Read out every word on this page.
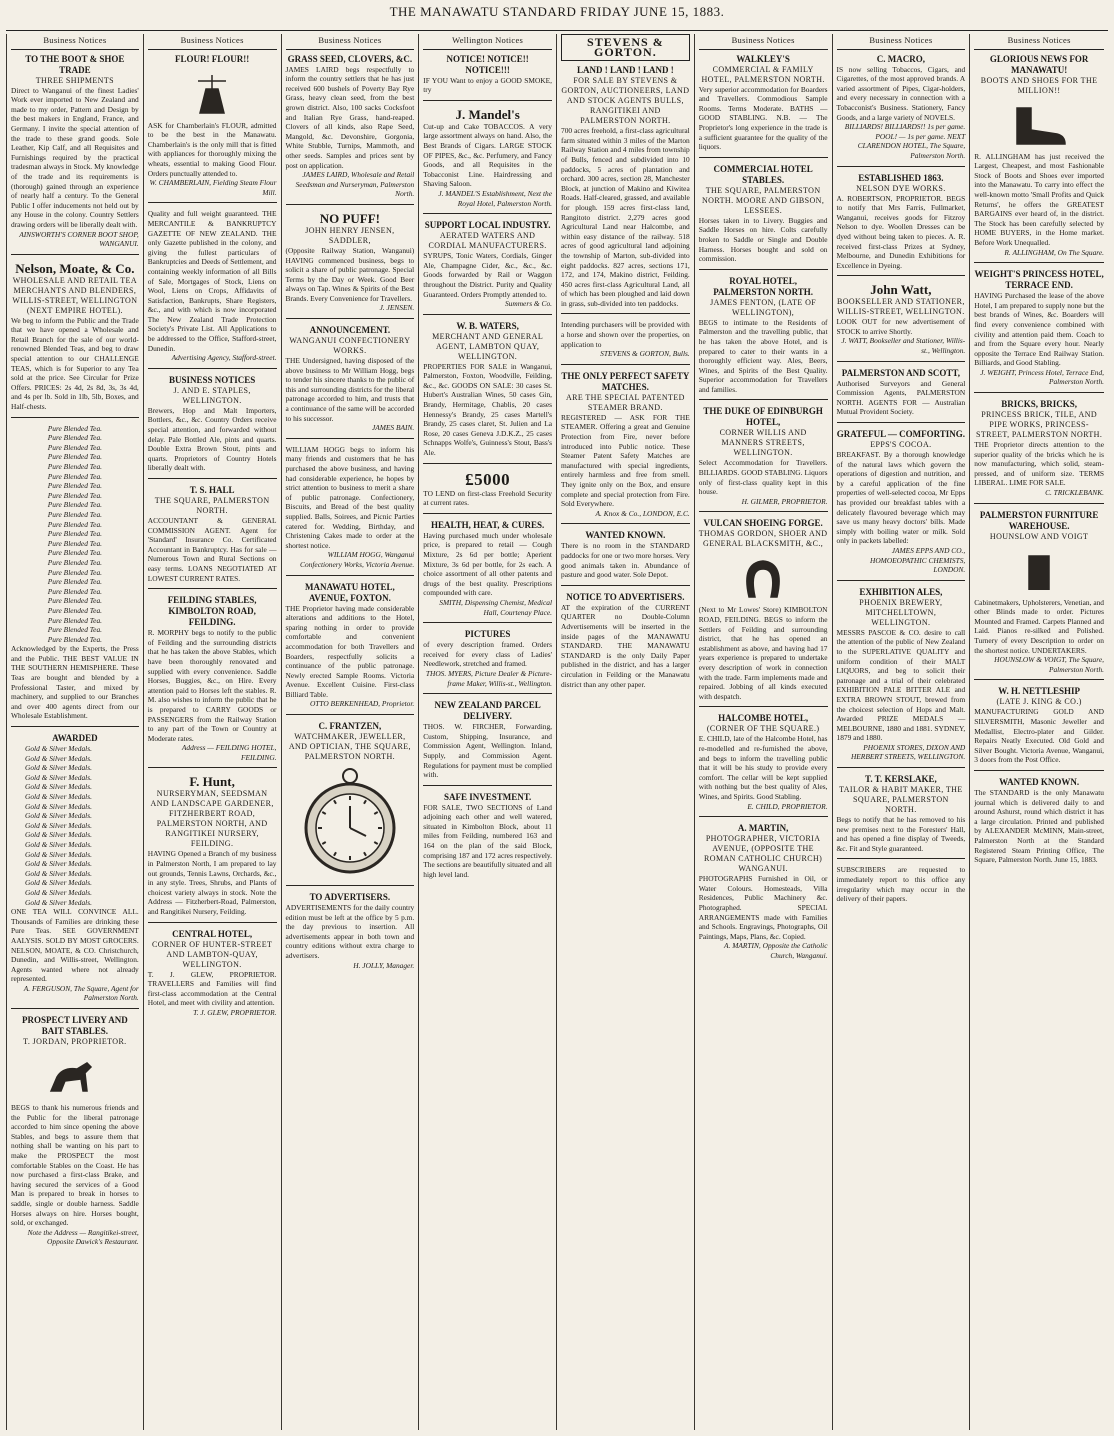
THE MANAWATU STANDARD FRIDAY JUNE 15, 1883.
Business Notices
TO THE BOOT & SHOE TRADE
THREE SHIPMENTS
Direct to Wanganui of the finest Ladies' Work ever imported to New Zealand and made to my order, Pattern and Design by the best makers in England, France, and Germany. I invite the special attention of the trade to these grand goods. Sole Leather, Kip Calf, and all Requisites and Furnishings required by the practical tradesman always in Stock. My knowledge of the trade and its requirements is (thorough) gained through an experience of nearly half a century. To the General Public I offer inducements not held out by any House in the colony. Country Settlers drawing orders will be liberally dealt with.
AINSWORTH'S CORNER BOOT SHOP, WANGANUI.
Nelson, Moate, & Co.
WHOLESALE AND RETAIL TEA MERCHANTS AND BLENDERS, WILLIS-STREET, WELLINGTON (NEXT EMPIRE HOTEL).
We beg to inform the Public and the Trade that we have opened a Wholesale and Retail Branch for the sale of our world-renowned Blended Teas, and beg to draw special attention to our CHALLENGE TEAS, which is for Superior to any Tea sold at the price. See Circular for Prize Offers. PRICES: 2s 4d, 2s 8d, 3s, 3s 4d, and 4s per lb. Sold in 1lb, 5lb, Boxes, and Half-chests.
Pure Blended Tea.
Pure Blended Tea.
Pure Blended Tea.
Pure Blended Tea.
Pure Blended Tea.
Pure Blended Tea.
Pure Blended Tea.
Pure Blended Tea.
Pure Blended Tea.
Pure Blended Tea.
Pure Blended Tea.
Pure Blended Tea.
Pure Blended Tea.
Pure Blended Tea.
Pure Blended Tea.
Pure Blended Tea.
Pure Blended Tea.
Pure Blended Tea.
Pure Blended Tea.
Pure Blended Tea.
Pure Blended Tea.
Pure Blended Tea.
Pure Blended Tea.
Acknowledged by the Experts, the Press and the Public. THE BEST VALUE IN THE SOUTHERN HEMISPHERE. These Teas are bought and blended by a Professional Taster, and mixed by machinery, and supplied to our Branches and over 400 agents direct from our Wholesale Establishment.
AWARDED
Gold & Silver Medals.
Gold & Silver Medals.
Gold & Silver Medals.
Gold & Silver Medals.
Gold & Silver Medals.
Gold & Silver Medals.
Gold & Silver Medals.
Gold & Silver Medals.
Gold & Silver Medals.
Gold & Silver Medals.
Gold & Silver Medals.
Gold & Silver Medals.
Gold & Silver Medals.
Gold & Silver Medals.
Gold & Silver Medals.
Gold & Silver Medals.
Gold & Silver Medals.
ONE TEA WILL CONVINCE ALL. Thousands of Families are drinking these Pure Teas. SEE GOVERNMENT AALYSIS. SOLD BY MOST GROCERS. NELSON, MOATE, & CO. Christchurch, Dunedin, and Willis-street, Wellington. Agents wanted where not already represented.
A. FERGUSON, The Square, Agent for Palmerston North.
PROSPECT LIVERY AND BAIT STABLES.
T. JORDAN, PROPRIETOR.
BEGS to thank his numerous friends and the Public for the liberal patronage accorded to him since opening the above Stables, and begs to assure them that nothing shall be wanting on his part to make the PROSPECT the most comfortable Stables on the Coast. He has now purchased a first-class Brake, and having secured the services of a Good Man is prepared to break in horses to saddle, single or double harness. Saddle Horses always on hire. Horses bought, sold, or exchanged.
Note the Address — Rangitikei-street, Opposite Dawick's Restaurant.
Business Notices
FLOUR! FLOUR!!
ASK for Chamberlain's FLOUR, admitted to be the best in the Manawatu. Chamberlain's is the only mill that is fitted with appliances for thoroughly mixing the wheats, essential to making Good Flour. Orders punctually attended to.
W. CHAMBERLAIN, Fielding Steam Flour Mill.
Quality and full weight guaranteed. THE MERCANTILE & BANKRUPTCY GAZETTE OF NEW ZEALAND. THE only Gazette published in the colony, and giving the fullest particulars of Bankruptcies and Deeds of Settlement, and containing weekly information of all Bills of Sale, Mortgages of Stock, Liens on Wool, Liens on Crops, Affidavits of Satisfaction, Bankrupts, Share Registers, &c., and with which is now incorporated The New Zealand Trade Protection Society's Private List. All Applications to be addressed to the Office, Stafford-street, Dunedin.
Advertising Agency, Stafford-street.
BUSINESS NOTICES
J. AND E. STAPLES, WELLINGTON.
Brewers, Hop and Malt Importers, Bottlers, &c., &c. Country Orders receive special attention, and forwarded without delay. Pale Bottled Ale, pints and quarts. Double Extra Brown Stout, pints and quarts. Proprietors of Country Hotels liberally dealt with.
T. S. HALL
THE SQUARE, PALMERSTON NORTH.
ACCOUNTANT & GENERAL COMMISSION AGENT. Agent for 'Standard' Insurance Co. Certificated Accountant in Bankruptcy. Has for sale — Numerous Town and Rural Sections on easy terms. LOANS NEGOTIATED AT LOWEST CURRENT RATES.
FEILDING STABLES, KIMBOLTON ROAD, FEILDING.
R. MORPHY begs to notify to the public of Feilding and the surrounding districts that he has taken the above Stables, which have been thoroughly renovated and supplied with every convenience. Saddle Horses, Buggies, &c., on Hire. Every attention paid to Horses left the stables. R. M. also wishes to inform the public that he is prepared to CARRY GOODS or PASSENGERS from the Railway Station to any part of the Town or Country at Moderate rates.
Address — FEILDING HOTEL, FEILDING.
F. Hunt,
NURSERYMAN, SEEDSMAN AND LANDSCAPE GARDENER, FITZHERBERT ROAD, PALMERSTON NORTH, AND RANGITIKEI NURSERY, FEILDING.
HAVING Opened a Branch of my business in Palmerston North, I am prepared to lay out grounds, Tennis Lawns, Orchards, &c., in any style. Trees, Shrubs, and Plants of choicest variety always in stock. Note the Address — Fitzherbert-Road, Palmerston, and Rangitikei Nursery, Feilding.
CENTRAL HOTEL,
CORNER OF HUNTER-STREET AND LAMBTON-QUAY, WELLINGTON.
T. J. GLEW, PROPRIETOR. TRAVELLERS and Families will find first-class accommodation at the Central Hotel, and meet with civility and attention.
T. J. GLEW, PROPRIETOR.
Business Notices
GRASS SEED, CLOVERS, &C.
JAMES LAIRD begs respectfully to inform the country settlers that he has just received 600 bushels of Poverty Bay Rye Grass, heavy clean seed, from the best grown district. Also, 100 sacks Cocksfoot and Italian Rye Grass, hand-reaped. Clovers of all kinds, also Rape Seed, Mangold, &c. Devonshire, Gorgonia, White Stubble, Turnips, Mammoth, and other seeds. Samples and prices sent by post on application.
JAMES LAIRD, Wholesale and Retail Seedsman and Nurseryman, Palmerston North.
NO PUFF!
JOHN HENRY JENSEN, SADDLER,
(Opposite Railway Station, Wanganui) HAVING commenced business, begs to solicit a share of public patronage. Special Terms by the Day or Week. Good Beer always on Tap. Wines & Spirits of the Best Brands. Every Convenience for Travellers.
J. JENSEN.
ANNOUNCEMENT.
WANGANUI CONFECTIONERY WORKS.
THE Undersigned, having disposed of the above business to Mr William Hogg, begs to tender his sincere thanks to the public of this and surrounding districts for the liberal patronage accorded to him, and trusts that a continuance of the same will be accorded to his successor.
JAMES BAIN.
WILLIAM HOGG begs to inform his many friends and customers that he has purchased the above business, and having had considerable experience, he hopes by strict attention to business to merit a share of public patronage. Confectionery, Biscuits, and Bread of the best quality supplied. Balls, Soirees, and Picnic Parties catered for. Wedding, Birthday, and Christening Cakes made to order at the shortest notice.
WILLIAM HOGG, Wanganui Confectionery Works, Victoria Avenue.
MANAWATU HOTEL, AVENUE, FOXTON.
THE Proprietor having made considerable alterations and additions to the Hotel, sparing nothing in order to provide comfortable and convenient accommodation for both Travellers and Boarders, respectfully solicits a continuance of the public patronage. Newly erected Sample Rooms. Victoria Avenue. Excellent Cuisine. First-class Billiard Table.
OTTO BERKENHEAD, Proprietor.
C. FRANTZEN,
WATCHMAKER, JEWELLER, AND OPTICIAN, THE SQUARE, PALMERSTON NORTH.
TO ADVERTISERS.
ADVERTISEMENTS for the daily country edition must be left at the office by 5 p.m. the day previous to insertion. All advertisements appear in both town and country editions without extra charge to advertisers.
H. JOLLY, Manager.
Wellington Notices
NOTICE! NOTICE!! NOTICE!!!
IF YOU Want to enjoy a GOOD SMOKE, try
J. Mandel's
Cut-up and Cake TOBACCOS. A very large assortment always on hand. Also, the Best Brands of Cigars. LARGE STOCK OF PIPES, &c., &c. Perfumery, and Fancy Goods, and all Requisites in the Tobacconist Line. Hairdressing and Shaving Saloon.
J. MANDEL'S Establishment, Next the Royal Hotel, Palmerston North.
SUPPORT LOCAL INDUSTRY.
AERATED WATERS AND CORDIAL MANUFACTURERS.
SYRUPS, Tonic Waters, Cordials, Ginger Ale, Champagne Cider, &c., &c., &c. Goods forwarded by Rail or Waggon throughout the District. Purity and Quality Guaranteed. Orders Promptly attended to.
Summers & Co.
W. B. WATERS,
MERCHANT AND GENERAL AGENT, LAMBTON QUAY, WELLINGTON.
PROPERTIES FOR SALE in Wanganui, Palmerston, Foxton, Woodville, Feilding, &c., &c. GOODS ON SALE: 30 cases St. Hubert's Australian Wines, 50 cases Gin, Brandy, Hermitage, Chablis, 20 cases Hennessy's Brandy, 25 cases Martell's Brandy, 25 cases claret, St. Julien and La Rose, 20 cases Geneva J.D.K.Z., 25 cases Schnapps Wolfe's, Guinness's Stout, Bass's Ale.
£5000
TO LEND on first-class Freehold Security at current rates.
HEALTH, HEAT, & CURES.
Having purchased much under wholesale price, is prepared to retail — Cough Mixture, 2s 6d per bottle; Aperient Mixture, 3s 6d per bottle, for 2s each. A choice assortment of all other patents and drugs of the best quality. Prescriptions compounded with care.
SMITH, Dispensing Chemist, Medical Hall, Courtenay Place.
PICTURES
of every description framed. Orders received for every class of Ladies' Needlework, stretched and framed.
THOS. MYERS, Picture Dealer & Picture-frame Maker, Willis-st., Wellington.
NEW ZEALAND PARCEL DELIVERY.
THOS. W. FIRCHER, Forwarding, Custom, Shipping, Insurance, and Commission Agent, Wellington. Inland, Supply, and Commission Agent. Regulations for payment must be complied with.
SAFE INVESTMENT.
FOR SALE, TWO SECTIONS of Land adjoining each other and well watered, situated in Kimbolton Block, about 11 miles from Feilding, numbered 163 and 164 on the plan of the said Block, comprising 187 and 172 acres respectively. The sections are beautifully situated and all high level land.
STEVENS & GORTON.
LAND ! LAND ! LAND !
FOR SALE BY STEVENS & GORTON, AUCTIONEERS, LAND AND STOCK AGENTS BULLS, RANGITIKEI AND PALMERSTON NORTH.
700 acres freehold, a first-class agricultural farm situated within 3 miles of the Marton Railway Station and 4 miles from township of Bulls, fenced and subdivided into 10 paddocks, 5 acres of plantation and orchard. 300 acres, section 28, Manchester Block, at junction of Makino and Kiwitea Roads. Half-cleared, grassed, and available for plough. 159 acres first-class land, Rangitoto district. 2,279 acres good Agricultural Land near Halcombe, and within easy distance of the railway. 518 acres of good agricultural land adjoining the township of Marton, sub-divided into eight paddocks. 827 acres, sections 171, 172, and 174, Makino district, Feilding. 450 acres first-class Agricultural Land, all of which has been ploughed and laid down in grass, sub-divided into ten paddocks.
Intending purchasers will be provided with a horse and shown over the properties, on application to
STEVENS & GORTON, Bulls.
THE ONLY PERFECT SAFETY MATCHES.
ARE THE SPECIAL PATENTED STEAMER BRAND.
REGISTERED — ASK FOR THE STEAMER. Offering a great and Genuine Protection from Fire, never before introduced into Public notice. These Steamer Patent Safety Matches are manufactured with special ingredients, entirely harmless and free from smell. They ignite only on the Box, and ensure complete and special protection from Fire. Sold Everywhere.
A. Knox & Co., LONDON, E.C.
WANTED KNOWN.
There is no room in the STANDARD paddocks for one or two more horses. Very good animals taken in. Abundance of pasture and good water. Sole Depot.
NOTICE TO ADVERTISERS.
AT the expiration of the CURRENT QUARTER no Double-Column Advertisements will be inserted in the inside pages of the MANAWATU STANDARD. THE MANAWATU STANDARD is the only Daily Paper published in the district, and has a larger circulation in Feilding or the Manawatu district than any other paper.
Business Notices
WALKLEY'S
COMMERCIAL & FAMILY HOTEL, PALMERSTON NORTH.
Very superior accommodation for Boarders and Travellers. Commodious Sample Rooms. Terms Moderate. BATHS — GOOD STABLING. N.B. — The Proprietor's long experience in the trade is a sufficient guarantee for the quality of the liquors.
COMMERCIAL HOTEL STABLES.
THE SQUARE, PALMERSTON NORTH. MOORE AND GIBSON, LESSEES.
Horses taken in to Livery. Buggies and Saddle Horses on hire. Colts carefully broken to Saddle or Single and Double Harness. Horses bought and sold on commission.
ROYAL HOTEL, PALMERSTON NORTH.
JAMES FENTON, (LATE OF WELLINGTON),
BEGS to intimate to the Residents of Palmerston and the travelling public, that he has taken the above Hotel, and is prepared to cater to their wants in a thoroughly efficient way. Ales, Beers, Wines, and Spirits of the Best Quality. Superior accommodation for Travellers and families.
THE DUKE OF EDINBURGH HOTEL,
CORNER WILLIS AND MANNERS STREETS, WELLINGTON.
Select Accommodation for Travellers. BILLIARDS. GOOD STABLING. Liquors only of first-class quality kept in this house.
H. GILMER, PROPRIETOR.
VULCAN SHOEING FORGE.
THOMAS GORDON, SHOER AND GENERAL BLACKSMITH, &C.,
(Next to Mr Lowes' Store) KIMBOLTON ROAD, FEILDING. BEGS to inform the Settlers of Feilding and surrounding district, that he has opened an establishment as above, and having had 17 years experience is prepared to undertake every description of work in connection with the trade. Farm implements made and repaired. Jobbing of all kinds executed with despatch.
HALCOMBE HOTEL,
(CORNER OF THE SQUARE.)
E. CHILD, late of the Halcombe Hotel, has re-modelled and re-furnished the above, and begs to inform the travelling public that it will be his study to provide every comfort. The cellar will be kept supplied with nothing but the best quality of Ales, Wines, and Spirits. Good Stabling.
E. CHILD, PROPRIETOR.
A. MARTIN,
PHOTOGRAPHER, VICTORIA AVENUE, (OPPOSITE THE ROMAN CATHOLIC CHURCH) WANGANUI.
PHOTOGRAPHS Furnished in Oil, or Water Colours. Homesteads, Villa Residences, Public Machinery &c. Photographed. SPECIAL ARRANGEMENTS made with Families and Schools. Engravings, Photographs, Oil Paintings, Maps, Plans, &c. Copied.
A. MARTIN, Opposite the Catholic Church, Wanganui.
Business Notices
C. MACRO,
IS now selling Tobaccos, Cigars, and Cigarettes, of the most approved brands. A varied assortment of Pipes, Cigar-holders, and every necessary in connection with a Tobacconist's Business. Stationery, Fancy Goods, and a large variety of NOVELS.
BILLIARDS! BILLIARDS!! 1s per game. POOL! — 1s per game. NEXT CLARENDON HOTEL, The Square, Palmerston North.
ESTABLISHED 1863.
NELSON DYE WORKS.
A. ROBERTSON, PROPRIETOR. BEGS to notify that Mrs Farris, Fullmarket, Wanganui, receives goods for Fitzroy Nelson to dye. Woollen Dresses can be dyed without being taken to pieces. A. R. received first-class Prizes at Sydney, Melbourne, and Dunedin Exhibitions for Excellence in Dyeing.
John Watt,
BOOKSELLER AND STATIONER, WILLIS-STREET, WELLINGTON.
LOOK OUT for new advertisement of STOCK to arrive Shortly.
J. WATT, Bookseller and Stationer, Willis-st., Wellington.
PALMERSTON AND SCOTT,
Authorised Surveyors and General Commission Agents, PALMERSTON NORTH. AGENTS FOR — Australian Mutual Provident Society.
GRATEFUL — COMFORTING.
EPPS'S COCOA.
BREAKFAST. By a thorough knowledge of the natural laws which govern the operations of digestion and nutrition, and by a careful application of the fine properties of well-selected cocoa, Mr Epps has provided our breakfast tables with a delicately flavoured beverage which may save us many heavy doctors' bills. Made simply with boiling water or milk. Sold only in packets labelled:
JAMES EPPS AND CO., HOMOEOPATHIC CHEMISTS, LONDON.
EXHIBITION ALES,
PHOENIX BREWERY, MITCHELLTOWN, WELLINGTON.
MESSRS PASCOE & CO. desire to call the attention of the public of New Zealand to the SUPERLATIVE QUALITY and uniform condition of their MALT LIQUORS, and beg to solicit their patronage and a trial of their celebrated EXHIBITION PALE BITTER ALE and EXTRA BROWN STOUT, brewed from the choicest selection of Hops and Malt. Awarded PRIZE MEDALS — MELBOURNE, 1880 and 1881. SYDNEY, 1879 and 1880.
PHOENIX STORES, DIXON AND HERBERT STREETS, WELLINGTON.
T. T. KERSLAKE,
TAILOR & HABIT MAKER, THE SQUARE, PALMERSTON NORTH.
Begs to notify that he has removed to his new premises next to the Foresters' Hall, and has opened a fine display of Tweeds, &c. Fit and Style guaranteed.
SUBSCRIBERS are requested to immediately report to this office any irregularity which may occur in the delivery of their papers.
Business Notices
GLORIOUS NEWS FOR MANAWATU!
BOOTS AND SHOES FOR THE MILLION!!
R. ALLINGHAM has just received the Largest, Cheapest, and most Fashionable Stock of Boots and Shoes ever imported into the Manawatu. To carry into effect the well-known motto 'Small Profits and Quick Returns', he offers the GREATEST BARGAINS ever heard of, in the district. The Stock has been carefully selected by HOME BUYERS, in the Home market. Before Work Unequalled.
R. ALLINGHAM, On The Square.
WEIGHT'S PRINCESS HOTEL, TERRACE END.
HAVING Purchased the lease of the above Hotel, I am prepared to supply none but the best brands of Wines, &c. Boarders will find every convenience combined with civility and attention paid them. Coach to and from the Square every hour. Nearly opposite the Terrace End Railway Station. Billiards, and Good Stabling.
J. WEIGHT, Princess Hotel, Terrace End, Palmerston North.
BRICKS, BRICKS,
PRINCESS BRICK, TILE, AND PIPE WORKS, PRINCESS-STREET, PALMERSTON NORTH.
THE Proprietor directs attention to the superior quality of the bricks which he is now manufacturing, which solid, steam-pressed, and of uniform size. TERMS LIBERAL. LIME FOR SALE.
C. TRICKLEBANK.
PALMERSTON FURNITURE WAREHOUSE.
HOUNSLOW AND VOIGT
Cabinetmakers, Upholsterers, Venetian, and other Blinds made to order. Pictures Mounted and Framed. Carpets Planned and Laid. Pianos re-silked and Polished. Turnery of every Description to order on the shortest notice. UNDERTAKERS.
HOUNSLOW & VOIGT, The Square, Palmerston North.
W. H. NETTLESHIP
(LATE J. KING & CO.)
MANUFACTURING GOLD AND SILVERSMITH, Masonic Jeweller and Medallist, Electro-plater and Gilder. Repairs Neatly Executed. Old Gold and Silver Bought. Victoria Avenue, Wanganui, 3 doors from the Post Office.
WANTED KNOWN.
The STANDARD is the only Manawatu journal which is delivered daily to and around Ashurst, round which district it has a large circulation. Printed and published by ALEXANDER McMINN, Main-street, Palmerston North at the Standard Registered Steam Printing Office, The Square, Palmerston North. June 15, 1883.
